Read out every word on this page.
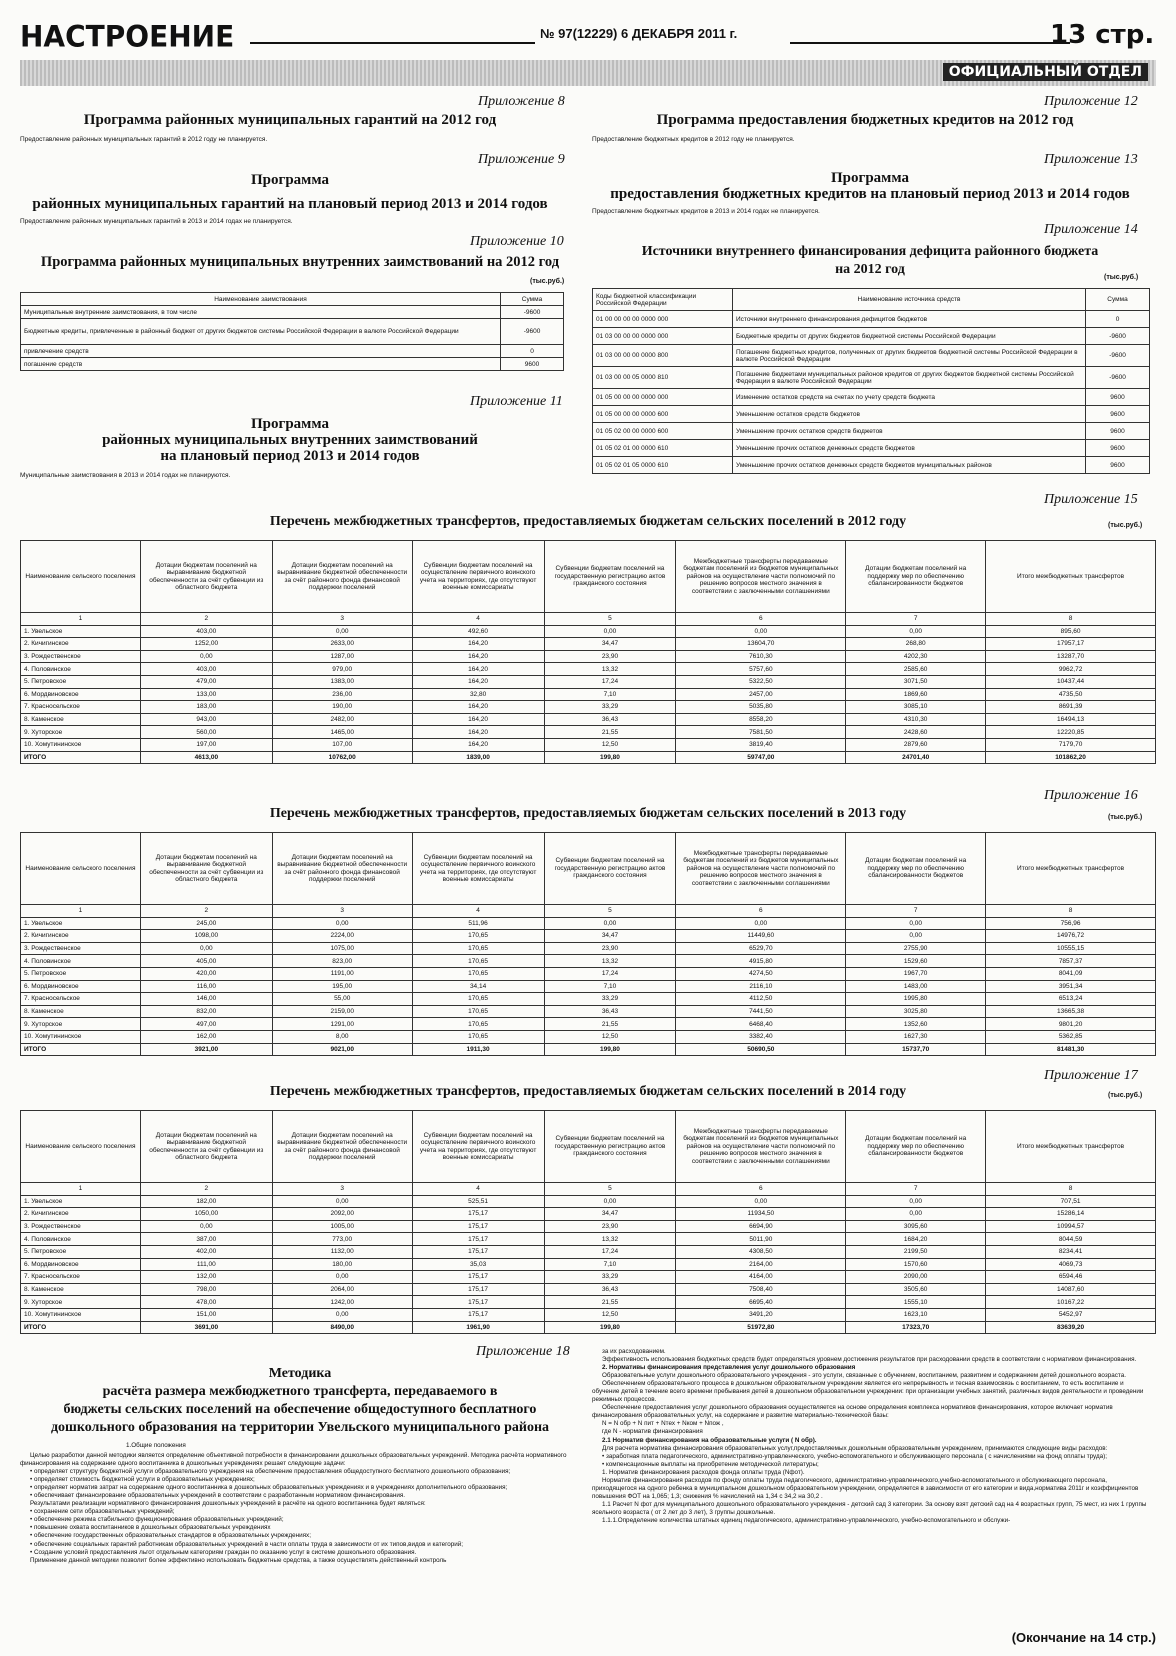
НАСТРОЕНИЕ	№ 97(12229) 6 ДЕКАБРЯ 2011 г.	13 стр.
ОФИЦИАЛЬНЫЙ ОТДЕЛ
Приложение 8
Программа районных муниципальных гарантий на 2012 год
Предоставление районных муниципальных гарантий в 2012 году не планируется.
Приложение 9
Программа
районных муниципальных гарантий на плановый период 2013 и 2014 годов
Предоставление районных муниципальных гарантий в 2013 и 2014 годах не планируется.
Приложение 10
Программа районных муниципальных внутренних заимствований на 2012 год
(тыс.руб.)
Наименование заимствования	Сумма
Муниципальные внутренние заимствования, в том числе	-9600
Бюджетные кредиты, привлеченные в районный бюджет от других бюджетов системы Российской Федерации в валюте Российской Федерации	-9600
привлечение средств	0
погашение средств	9600
Приложение 11
Программа
районных муниципальных внутренних заимствований
на плановый период 2013 и 2014 годов
Муниципальные заимствования в 2013 и 2014 годах не планируются.
Приложение 12
Программа предоставления бюджетных кредитов на 2012 год
Предоставление бюджетных кредитов в 2012 году не планируется.
Приложение 13
Программа
предоставления бюджетных кредитов на плановый период 2013 и 2014 годов
Предоставление бюджетных кредитов в 2013 и 2014 годах не планируется.
Приложение 14
Источники внутреннего финансирования дефицита районного бюджета
на 2012 год
(тыс.руб.)
Коды бюджетной классификации Российской Федерации	Наименование источника средств	Сумма
01 00 00 00 00 0000 000	Источники внутреннего финансирования дефицитов бюджетов	0
01 03 00 00 00 0000 000	Бюджетные кредиты от других бюджетов бюджетной системы Российской Федерации	-9600
01 03 00 00 00 0000 800	Погашение бюджетных кредитов, полученных от других бюджетов бюджетной системы Российской Федерации в валюте Российской Федерации	-9600
01 03 00 00 05 0000 810	Погашение бюджетами муниципальных районов кредитов от других бюджетов бюджетной системы Российской Федерации в валюте Российской Федерации	-9600
01 05 00 00 00 0000 000	Изменение остатков средств на счетах по учету средств бюджета	9600
01 05 00 00 00 0000 600	Уменьшение остатков средств бюджетов	9600
01 05 02 00 00 0000 600	Уменьшение прочих остатков средств бюджетов	9600
01 05 02 01 00 0000 610	Уменьшение прочих остатков денежных средств бюджетов	9600
01 05 02 01 05 0000 610	Уменьшение прочих остатков денежных средств бюджетов муниципальных районов	9600
Приложение 15
Перечень межбюджетных трансфертов, предоставляемых бюджетам сельских поселений в 2012 году	(тыс.руб.)
Наименование сельского поселения	Дотации бюджетам поселений на выравнивание бюджетной обеспеченности за счёт субвенции из областного бюджета	Дотации бюджетам поселений на выравнивание бюджетной обеспеченности за счёт районного фонда финансовой поддержки поселений	Субвенции бюджетам поселений на осуществление первичного воинского учета на территориях, где отсутствуют военные комиссариаты	Субвенции бюджетам поселений на государственную регистрацию актов гражданского состояния	Межбюджетные трансферты передаваемые бюджетам поселений из бюджетов муниципальных районов на осуществление части полномочий по решению вопросов местного значения в соответствии с заключенными соглашениями	Дотации бюджетам поселений на поддержку мер по обеспечению сбалансированности бюджетов	Итого межбюджетных трансфертов
1	2	3	4	5	6	7	8
1. Увельское	403,00	0,00	492,60	0,00	0,00	0,00	895,60
2. Кичигинское	1252,00	2633,00	164,20	34,47	13604,70	268,80	17957,17
3. Рождественское	0,00	1287,00	164,20	23,90	7610,30	4202,30	13287,70
4. Половинское	403,00	979,00	164,20	13,32	5757,60	2585,60	9962,72
5. Петровское	479,00	1383,00	164,20	17,24	5322,50	3071,50	10437,44
6. Мордвиновское	133,00	236,00	32,80	7,10	2457,00	1869,60	4735,50
7. Красносельское	183,00	190,00	164,20	33,29	5035,80	3085,10	8691,39
8. Каменское	943,00	2482,00	164,20	36,43	8558,20	4310,30	16494,13
9. Хуторское	560,00	1465,00	164,20	21,55	7581,50	2428,60	12220,85
10. Хомутининское	197,00	107,00	164,20	12,50	3819,40	2879,60	7179,70
ИТОГО	4613,00	10762,00	1839,00	199,80	59747,00	24701,40	101862,20
Приложение 16
Перечень межбюджетных трансфертов, предоставляемых бюджетам сельских поселений в 2013 году	(тыс.руб.)
Наименование сельского поселения	Дотации бюджетам поселений на выравнивание бюджетной обеспеченности за счёт субвенции из областного бюджета	Дотации бюджетам поселений на выравнивание бюджетной обеспеченности за счёт районного фонда финансовой поддержки поселений	Субвенции бюджетам поселений на осуществление первичного воинского учета на территориях, где отсутствуют военные комиссариаты	Субвенции бюджетам поселений на государственную регистрацию актов гражданского состояния	Межбюджетные трансферты передаваемые бюджетам поселений из бюджетов муниципальных районов на осуществление части полномочий по решению вопросов местного значения в соответствии с заключенными соглашениями	Дотации бюджетам поселений на поддержку мер по обеспечению сбалансированности бюджетов	Итого межбюджетных трансфертов
1	2	3	4	5	6	7	8
1. Увельское	245,00	0,00	511,96	0,00	0,00	0,00	756,96
2. Кичигинское	1098,00	2224,00	170,65	34,47	11449,60	0,00	14976,72
3. Рождественское	0,00	1075,00	170,65	23,90	6529,70	2755,90	10555,15
4. Половинское	405,00	823,00	170,65	13,32	4915,80	1529,60	7857,37
5. Петровское	420,00	1191,00	170,65	17,24	4274,50	1967,70	8041,09
6. Мордвиновское	116,00	195,00	34,14	7,10	2116,10	1483,00	3951,34
7. Красносельское	146,00	55,00	170,65	33,29	4112,50	1995,80	6513,24
8. Каменское	832,00	2159,00	170,65	36,43	7441,50	3025,80	13665,38
9. Хуторское	497,00	1291,00	170,65	21,55	6468,40	1352,60	9801,20
10. Хомутининское	162,00	8,00	170,65	12,50	3382,40	1627,30	5362,85
ИТОГО	3921,00	9021,00	1911,30	199,80	50690,50	15737,70	81481,30
Приложение 17
Перечень межбюджетных трансфертов, предоставляемых бюджетам сельских поселений в 2014 году	(тыс.руб.)
Наименование сельского поселения	Дотации бюджетам поселений на выравнивание бюджетной обеспеченности за счёт субвенции из областного бюджета	Дотации бюджетам поселений на выравнивание бюджетной обеспеченности за счёт районного фонда финансовой поддержки поселений	Субвенции бюджетам поселений на осуществление первичного воинского учета на территориях, где отсутствуют военные комиссариаты	Субвенции бюджетам поселений на государственную регистрацию актов гражданского состояния	Межбюджетные трансферты передаваемые бюджетам поселений из бюджетов муниципальных районов на осуществление части полномочий по решению вопросов местного значения в соответствии с заключенными соглашениями	Дотации бюджетам поселений на поддержку мер по обеспечению сбалансированности бюджетов	Итого межбюджетных трансфертов
1	2	3	4	5	6	7	8
1. Увельское	182,00	0,00	525,51	0,00	0,00	0,00	707,51
2. Кичигинское	1050,00	2092,00	175,17	34,47	11934,50	0,00	15286,14
3. Рождественское	0,00	1005,00	175,17	23,90	6694,90	3095,60	10994,57
4. Половинское	387,00	773,00	175,17	13,32	5011,90	1684,20	8044,59
5. Петровское	402,00	1132,00	175,17	17,24	4308,50	2199,50	8234,41
6. Мордвиновское	111,00	180,00	35,03	7,10	2164,00	1570,60	4069,73
7. Красносельское	132,00	0,00	175,17	33,29	4164,00	2090,00	6594,46
8. Каменское	798,00	2064,00	175,17	36,43	7508,40	3505,60	14087,60
9. Хуторское	478,00	1242,00	175,17	21,55	6695,40	1555,10	10167,22
10. Хомутининское	151,00	0,00	175,17	12,50	3491,20	1623,10	5452,97
ИТОГО	3691,00	8490,00	1961,90	199,80	51972,80	17323,70	83639,20
Приложение 18
Методика
расчёта размера межбюджетного трансферта, передаваемого в
бюджеты сельских поселений на обеспечение общедоступного бесплатного
дошкольного образования на территории Увельского муниципального района
1.Общие положения

Целью разработки данной методики является определение объективной потребности в финансировании дошкольных образовательных учреждений. Методика расчёта нормативного финансирования на содержание одного воспитанника в дошкольных учреждениях решает следующие задачи:

• определяет структуру бюджетной услуги образовательного учреждения на обеспечение предоставления общедоступного бесплатного дошкольного образования;

• определяет стоимость бюджетной услуги в образовательных учреждениях;

• определяет норматив затрат на содержание одного воспитанника в дошкольных образовательных учреждениях и в учреждениях дополнительного образования;

• обеспечивает финансирование образовательных учреждений в соответствии с разработанным нормативом финансирования.

Результатами реализации нормативного финансирования дошкольных учреждений в расчёте на одного воспитанника будет являться:

• сохранение сети образовательных учреждений;

• обеспечение режима стабильного функционирования образовательных учреждений;

• повышение охвата воспитанников в дошкольных образовательных учреждениях

• обеспечение государственных образовательных стандартов в образовательных учреждениях;

• обеспечение социальных гарантий работникам образовательных учреждений в части оплаты труда в зависимости от их типов,видов и категорий;

• Создание условий предоставления льгот отдельным категориям граждан по оказанию услуг в системе дошкольного образования.

Применение данной методики позволит более эффективно использовать бюджетные средства, а также осуществлять действенный контроль

за их расходованием.

Эффективность использования бюджетных средств будет определяться уровнем достижения результатов при расходовании средств в соответствии с нормативом финансирования.

2. Нормативы финансирования представления услуг дошкольного образования

Образовательные услуги дошкольного образовательного учреждения - это услуги, связанные с обучением, воспитанием, развитием и содержанием детей дошкольного возраста.

Обеспечением образовательного процесса в дошкольном образовательном учреждении является его непрерывность и тесная взаимосвязь с воспитанием, то есть воспитание и обучение детей в течение всего времени пребывания детей в дошкольном образовательном учреждении: при организации учебных занятий, различных видов деятельности и проведении режимных процессов.

Обеспечение предоставления услуг дошкольного образования осуществляется на основе определения комплекса нормативов финансирования, которое включает норматив финансирования образовательных услуг, на содержание и развитие материально-технической базы:

N = N обр + N пит + Nтех + Nком + Nпож ,

где N - норматив финансирования

2.1 Норматив финансирования на образовательные услуги ( N обр).

Для расчета норматива финансирования образовательных услуг,предоставляемых дошкольным образовательным учреждением, принимаются следующие виды расходов:

• заработная плата педагогического, административно-управленческого, учебно-вспомогательного и обслуживающего персонала ( с начислениями на фонд оплаты труда);

• компенсационные выплаты на приобретение методической литературы;

1. Норматив финансирования расходов фонда оплаты труда (Nфот).

Норматив финансирования расходов по фонду оплаты труда педагогического, административно-управленческого,учебно-вспомогательного и обслуживающего персонала, приходящегося на одного ребенка в муниципальном дошкольном образовательном учреждении, определяется в зависимости от его категории и вида,норматива 2011г и коэффициентов повышения ФОТ на 1,065; 1,3; снижения % начислений на 1,34 с 34,2 на 30,2 .

1.1 Расчет N фот для муниципального дошкольного образовательного учреждения - детский сад 3 категории. За основу взят детский сад на 4 возрастных групп, 75 мест, из них 1 группы ясельного возраста ( от 2 лет до 3 лет), 3 группы дошкольные.

1.1.1.Определение количества штатных единиц педагогического, административно-управленческого, учебно-вспомогательного и обслужи-

(Окончание на 14 стр.)
